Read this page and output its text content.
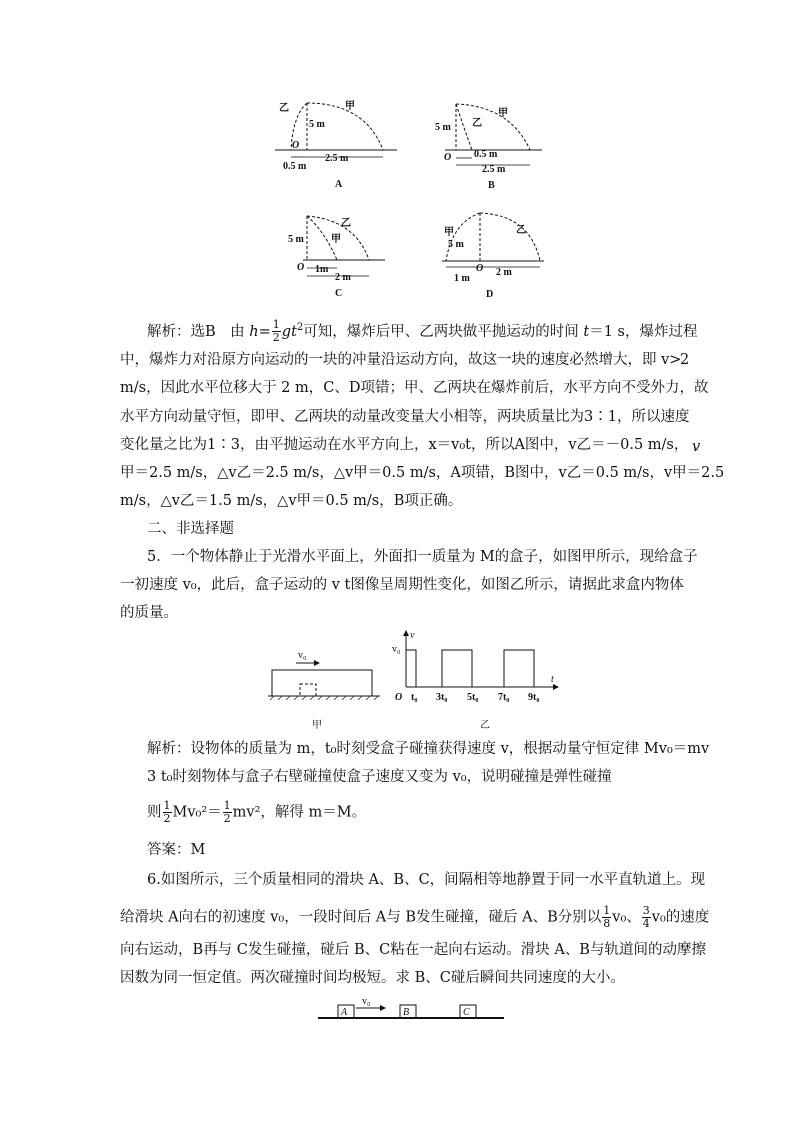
乙	甲
5 m
O
0.5 m
2.5 m
A
甲
乙
5 m
O 0.5 m
2.5 m
B
乙
甲
5 m
O 1m
2 m
C
甲	乙
5 m
O
1 m
2 m
D
解析：选B　由 $h= \frac{1}{2} gt^2$可知，爆炸后甲、乙两块做平抛运动的时间 t＝1 s，爆炸过程
中，爆炸力对沿原方向运动的一块的冲量沿运动方向，故这一块的速度必然增大，即 v>
2
m/s，因此水平位移大于 2 m，C、D项错；甲、乙两块在爆炸前后，水平方向不受外力，故
水平方向动量守恒，即甲、乙两块的动量改变量大小相等，两块质量比为3∶1，所以速度
变化量之比为1∶3，由平抛运动在水平方向上，x＝v₀t，所以A图中，v乙＝－0.5 m/s， v
甲＝2.5 m/s，△v乙＝2.5 m/s，△v甲＝0.5 m/s，A项错，B图中，v乙＝0.5 m/s，v甲＝2.5
m/s，△v乙＝1.5 m/s，△v甲＝0.5 m/s，B项正确。
二、非选择题
5．一个物体静止于光滑水平面上，外面扣一质量为 M的盒子，如图甲所示，现给盒子
一初速度 v₀，此后，盒子运动的 v t图像呈周期性变化，如图乙所示，请据此求盒内物体
的质量。
v₀
甲
v₀
v
t
O t₀ 3t₀ 5t₀ 7t₀ 9t₀
乙
解析：设物体的质量为 m，t₀时刻受盒子碰撞获得速度 v，根据动量守恒定律 Mv₀＝mv
3 t₀时刻物体与盒子右壁碰撞使盒子速度又变为 v₀，说明碰撞是弹性碰撞
则 $\frac{1}{2} Mv_0^2= \frac{1}{2} mv^2$，解得 m＝M。
答案：M
6.如图所示，三个质量相同的滑块 A、B、C，间隔相等地静置于同一水平直轨道上。现
给滑块 A向右的初速度 v₀，一段时间后 A与 B发生碰撞，碰后 A、B分别以 $\frac{1}{8} v_0$、 $\frac{3}{4} v_0$的速度
向右运动，B再与 C发生碰撞，碰后 B、C粘在一起向右运动。滑块 A、B与轨道间的动摩擦
因数为同一恒定值。两次碰撞时间均极短。求 B、C碰后瞬间共同速度的大小。
A	B	C
v₀
